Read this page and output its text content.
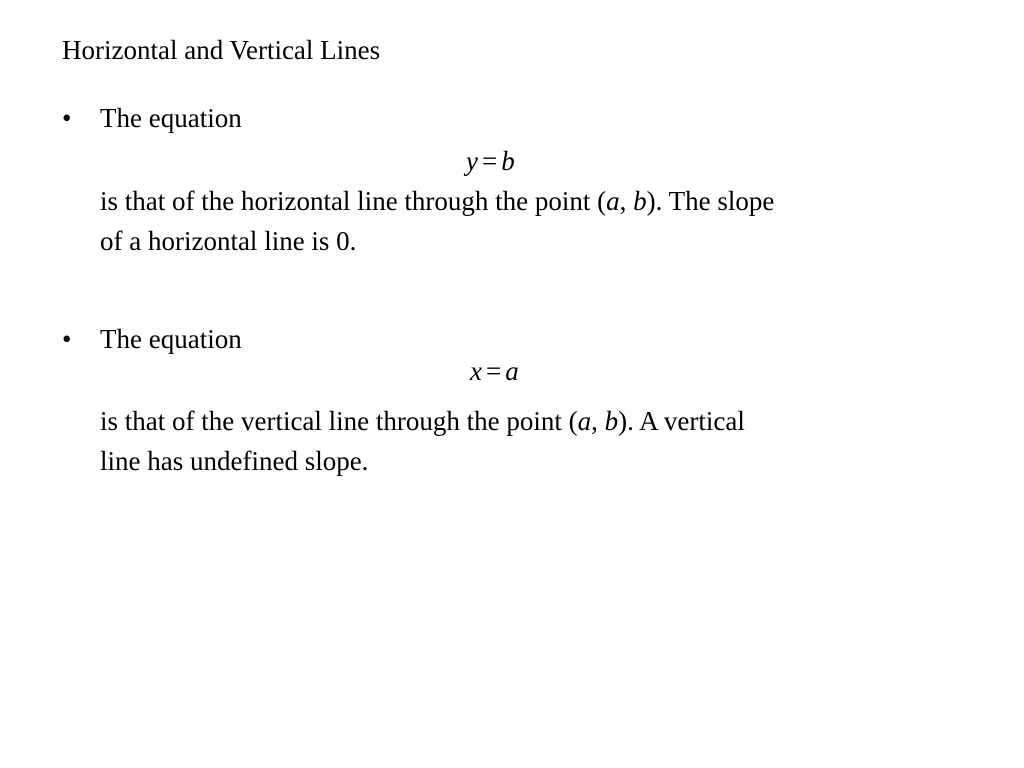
Horizontal and Vertical Lines
• The equation
y = b
is that of the horizontal line through the point (a, b). The slope
of a horizontal line is 0.
• The equation
x = a
is that of the vertical line through the point (a, b). A vertical
line has undefined slope.
